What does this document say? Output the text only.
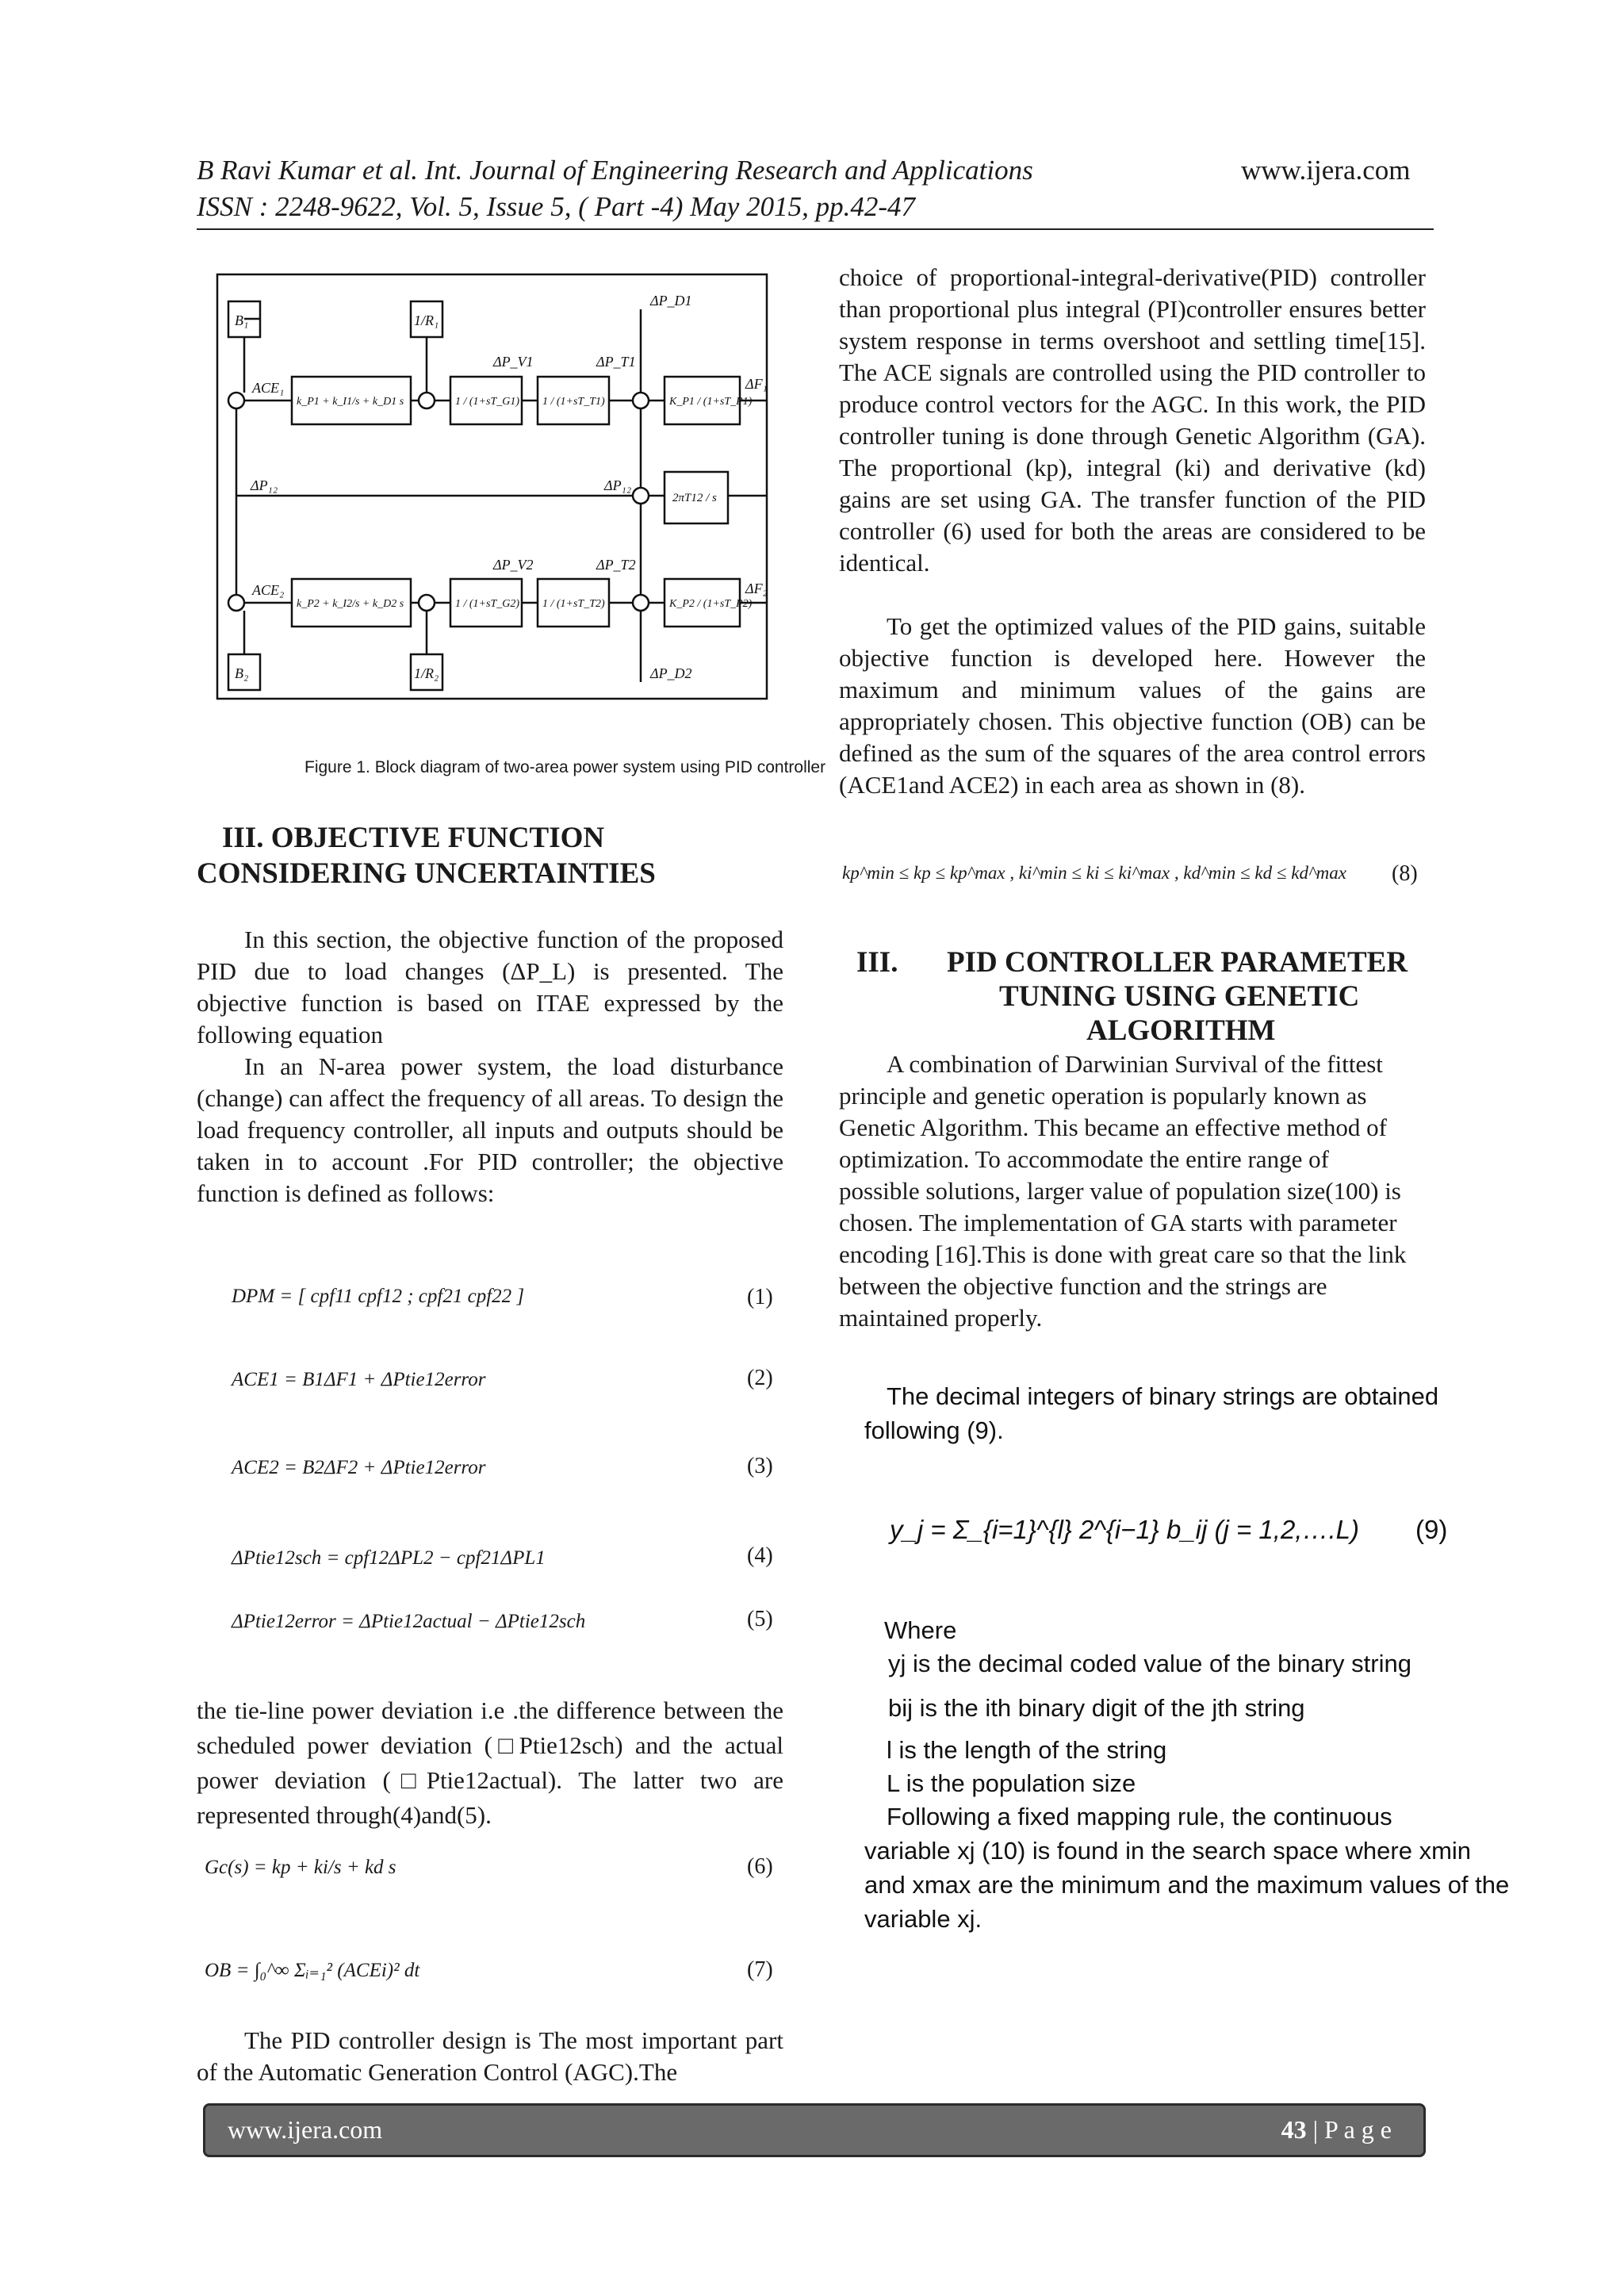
B Ravi Kumar et al. Int. Journal of Engineering Research and Applications	www.ijera.com
ISSN : 2248-9622, Vol. 5, Issue 5, ( Part -4) May 2015, pp.42-47
B₁	1/R₁
ACE₁
k_P1 + k_I1/s + k_D1 s	1 / (1+sT_G1) 1 / (1+sT_T1)	K_P1 / (1+sT_P1)
2πT12 / s
ΔP_D1
ΔP_V1	ΔP_T1
ΔF₁
ΔP₁₂	ΔP₁₂
ACE₂
k_P2 + k_I2/s + k_D2 s	1 / (1+sT_G2) 1 / (1+sT_T2)	K_P2 / (1+sT_P2)
ΔP_V2	ΔP_T2
ΔF₂
B₂	1/R₂	ΔP_D2
Figure 1. Block diagram of two-area power system using PID controller
III. OBJECTIVE FUNCTION
CONSIDERING UNCERTAINTIES

In this section, the objective function of the proposed PID due to load changes (ΔP_L) is presented. The objective function is based on ITAE expressed by the following equation

In an N-area power system, the load disturbance (change) can affect the frequency of all areas. To design the load frequency controller, all inputs and outputs should be taken in to account .For PID controller; the objective function is defined as follows:

DPM = [ cpf11 cpf12 ; cpf21 cpf22 ]	(1)
ACE1 = B1ΔF1 + ΔPtie12error	(2)
ACE2 = B2ΔF2 + ΔPtie12error	(3)
ΔPtie12sch = cpf12ΔPL2 − cpf21ΔPL1	(4)
ΔPtie12error = ΔPtie12actual − ΔPtie12sch	(5)

the tie-line power deviation i.e .the difference between the scheduled power deviation (□Ptie12sch) and the actual power deviation (□Ptie12actual). The latter two are represented through(4)and(5).

Gc(s) = kp + ki/s + kd s	(6)
OB = ∫₀^∞ Σᵢ₌₁² (ACEi)² dt	(7)

The PID controller design is The most important part of the Automatic Generation Control (AGC).The

choice of proportional-integral-derivative(PID) controller than proportional plus integral (PI)controller ensures better system response in terms overshoot and settling time[15]. The ACE signals are controlled using the PID controller to produce control vectors for the AGC. In this work, the PID controller tuning is done through Genetic Algorithm (GA). The proportional (kp), integral (ki) and derivative (kd) gains are set using GA. The transfer function of the PID controller (6) used for both the areas are considered to be identical.

To get the optimized values of the PID gains, suitable objective function is developed here. However the maximum and minimum values of the gains are appropriately chosen. This objective function (OB) can be defined as the sum of the squares of the area control errors (ACE1and ACE2) in each area as shown in (8).

kp^min ≤ kp ≤ kp^max , ki^min ≤ ki ≤ ki^max , kd^min ≤ kd ≤ kd^max (8)
III. PID CONTROLLER PARAMETER
TUNING USING GENETIC
ALGORITHM

A combination of Darwinian Survival of the fittest principle and genetic operation is popularly known as Genetic Algorithm. This became an effective method of optimization. To accommodate the entire range of possible solutions, larger value of population size(100) is chosen. The implementation of GA starts with parameter encoding [16].This is done with great care so that the link between the objective function and the strings are maintained properly.

The decimal integers of binary strings are obtained
following (9).
y_j = Σ_{i=1}^{l} 2^{i−1} b_ij (j = 1,2,….L) (9)
Where
yj is the decimal coded value of the binary string
bij is the ith binary digit of the jth string
l is the length of the string
L is the population size
Following a fixed mapping rule, the continuous
variable xj (10) is found in the search space where xmin
and xmax are the minimum and the maximum values of the
variable xj.
www.ijera.com	43 | P a g e
